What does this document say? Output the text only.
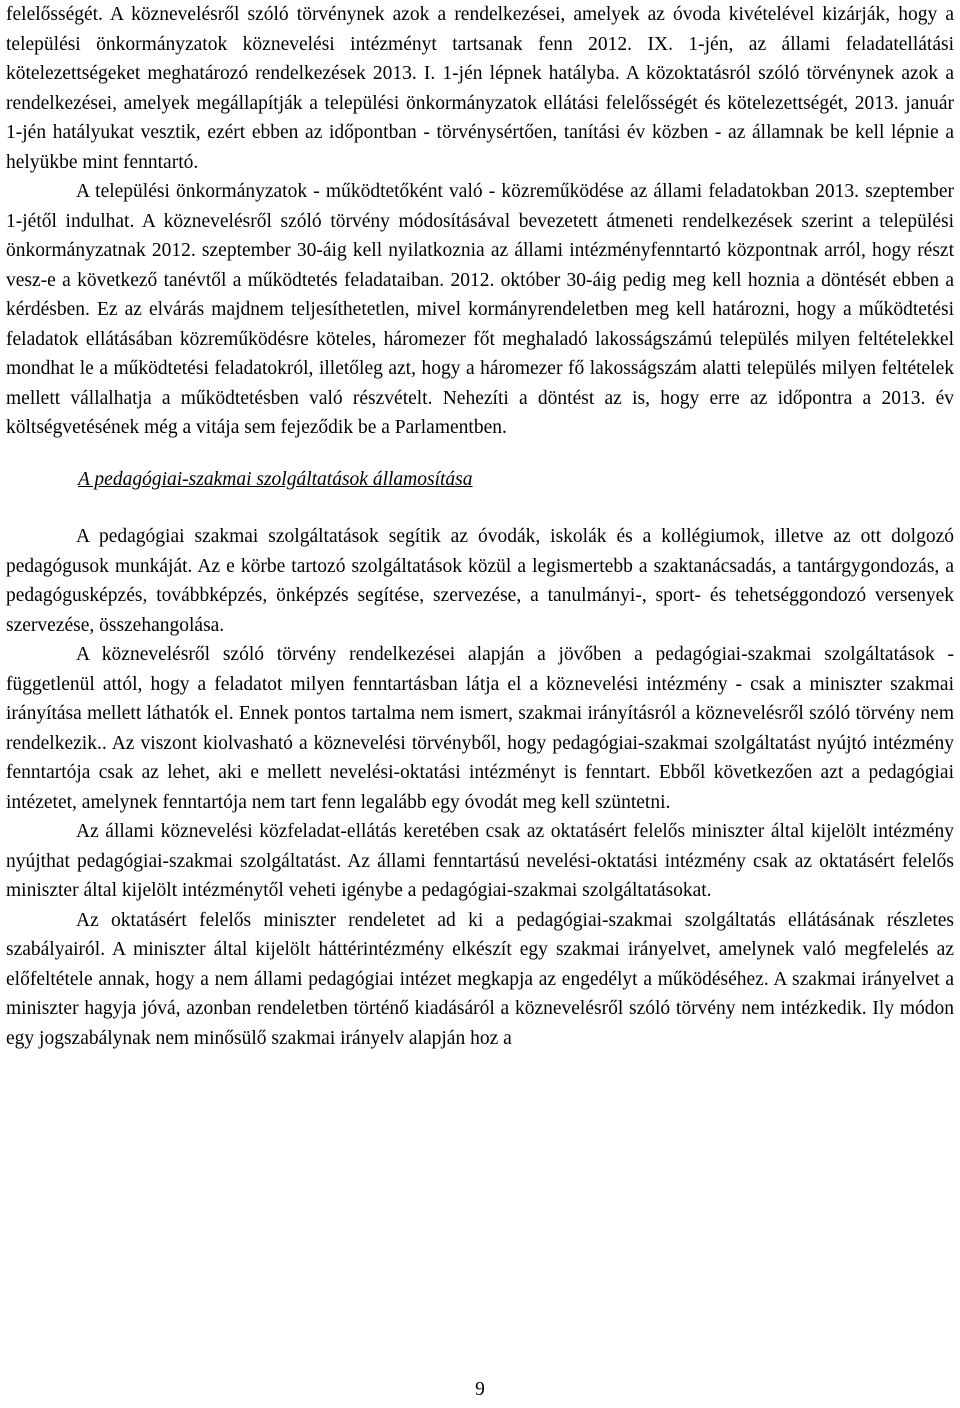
felelősségét. A köznevelésről szóló törvénynek azok a rendelkezései, amelyek az óvoda kivételével kizárják, hogy a települési önkormányzatok köznevelési intézményt tartsanak fenn 2012. IX. 1-jén, az állami feladatellátási kötelezettségeket meghatározó rendelkezések 2013. I. 1-jén lépnek hatályba. A közoktatásról szóló törvénynek azok a rendelkezései, amelyek megállapítják a települési önkormányzatok ellátási felelősségét és kötelezettségét, 2013. január 1-jén hatályukat vesztik, ezért ebben az időpontban - törvénysértően, tanítási év közben - az államnak be kell lépnie a helyükbe mint fenntartó.

A települési önkormányzatok - működtetőként való - közreműködése az állami feladatokban 2013. szeptember 1-jétől indulhat. A köznevelésről szóló törvény módosításával bevezetett átmeneti rendelkezések szerint a települési önkormányzatnak 2012. szeptember 30-áig kell nyilatkoznia az állami intézményfenntartó központnak arról, hogy részt vesz-e a következő tanévtől a működtetés feladataiban. 2012. október 30-áig pedig meg kell hoznia a döntését ebben a kérdésben. Ez az elvárás majdnem teljesíthetetlen, mivel kormányrendeletben meg kell határozni, hogy a működtetési feladatok ellátásában közreműködésre köteles, háromezer főt meghaladó lakosságszámú település milyen feltételekkel mondhat le a működtetési feladatokról, illetőleg azt, hogy a háromezer fő lakosságszám alatti település milyen feltételek mellett vállalhatja a működtetésben való részvételt. Nehezíti a döntést az is, hogy erre az időpontra a 2013. év költségvetésének még a vitája sem fejeződik be a Parlamentben.

A pedagógiai-szakmai szolgáltatások államosítása

A pedagógiai szakmai szolgáltatások segítik az óvodák, iskolák és a kollégiumok, illetve az ott dolgozó pedagógusok munkáját. Az e körbe tartozó szolgáltatások közül a legismertebb a szaktanácsadás, a tantárgygondozás, a pedagógusképzés, továbbképzés, önképzés segítése, szervezése, a tanulmányi-, sport- és tehetséggondozó versenyek szervezése, összehangolása.

A köznevelésről szóló törvény rendelkezései alapján a jövőben a pedagógiai-szakmai szolgáltatások - függetlenül attól, hogy a feladatot milyen fenntartásban látja el a köznevelési intézmény - csak a miniszter szakmai irányítása mellett láthatók el. Ennek pontos tartalma nem ismert, szakmai irányításról a köznevelésről szóló törvény nem rendelkezik.. Az viszont kiolvasható a köznevelési törvényből, hogy pedagógiai-szakmai szolgáltatást nyújtó intézmény fenntartója csak az lehet, aki e mellett nevelési-oktatási intézményt is fenntart. Ebből következően azt a pedagógiai intézetet, amelynek fenntartója nem tart fenn legalább egy óvodát meg kell szüntetni.

Az állami köznevelési közfeladat-ellátás keretében csak az oktatásért felelős miniszter által kijelölt intézmény nyújthat pedagógiai-szakmai szolgáltatást. Az állami fenntartású nevelési-oktatási intézmény csak az oktatásért felelős miniszter által kijelölt intézménytől veheti igénybe a pedagógiai-szakmai szolgáltatásokat.

Az oktatásért felelős miniszter rendeletet ad ki a pedagógiai-szakmai szolgáltatás ellátásának részletes szabályairól. A miniszter által kijelölt háttérintézmény elkészít egy szakmai irányelvet, amelynek való megfelelés az előfeltétele annak, hogy a nem állami pedagógiai intézet megkapja az engedélyt a működéséhez. A szakmai irányelvet a miniszter hagyja jóvá, azonban rendeletben történő kiadásáról a köznevelésről szóló törvény nem intézkedik. Ily módon egy jogszabálynak nem minősülő szakmai irányelv alapján hoz a

9
